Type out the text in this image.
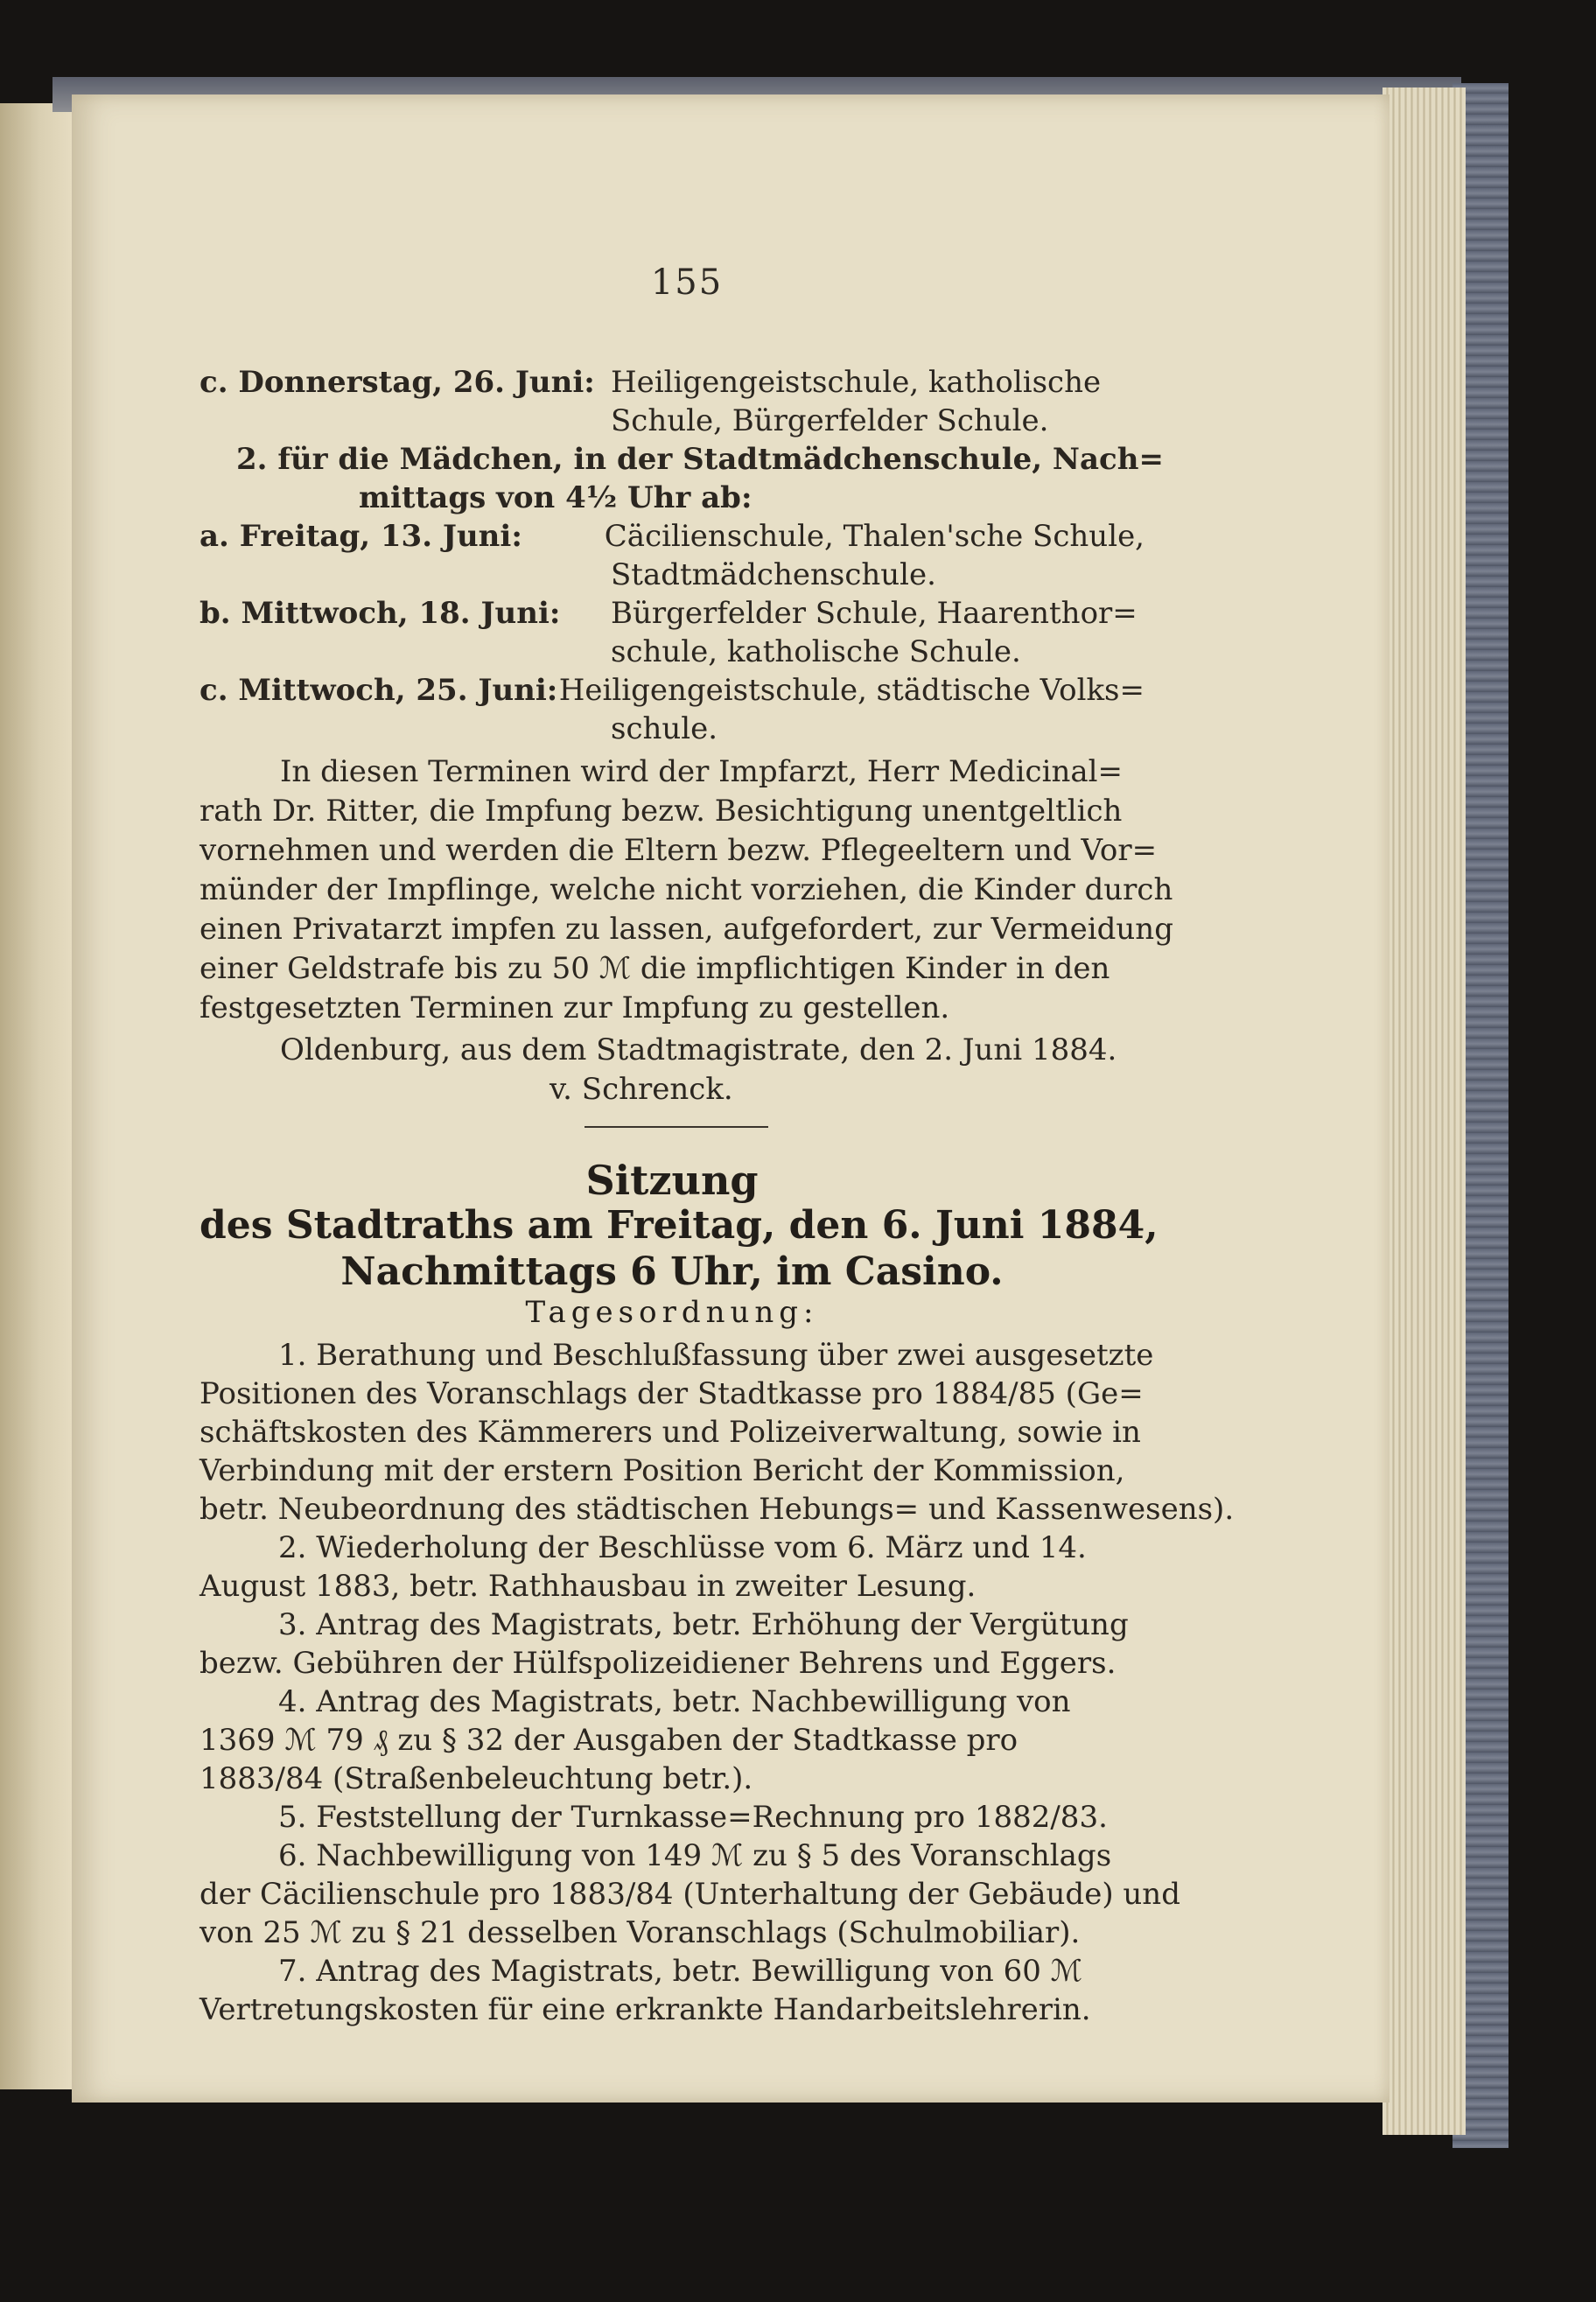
155
c. Donnerstag, 26. Juni: Heiligengeistschule, katholische
Schule, Bürgerfelder Schule.
2. für die Mädchen, in der Stadtmädchenschule, Nach=
mittags von 4½ Uhr ab:
a. Freitag, 13. Juni:	Cäcilienschule, Thalen'sche Schule,
Stadtmädchenschule.
b. Mittwoch, 18. Juni:	Bürgerfelder Schule, Haarenthor=
schule, katholische Schule.
c. Mittwoch, 25. Juni: Heiligengeistschule, städtische Volks=
schule.
In diesen Terminen wird der Impfarzt, Herr Medicinal=
rath Dr. Ritter, die Impfung bezw. Besichtigung unentgeltlich
vornehmen und werden die Eltern bezw. Pflegeeltern und Vor=
münder der Impflinge, welche nicht vorziehen, die Kinder durch
einen Privatarzt impfen zu lassen, aufgefordert, zur Vermeidung
einer Geldstrafe bis zu 50 ℳ die impflichtigen Kinder in den
festgesetzten Terminen zur Impfung zu gestellen.
Oldenburg, aus dem Stadtmagistrate, den 2. Juni 1884.
v. Schrenck.
Sitzung
des Stadtraths am Freitag, den 6. Juni 1884,
Nachmittags 6 Uhr, im Casino.
Tagesordnung:
1. Berathung und Beschlußfassung über zwei ausgesetzte
Positionen des Voranschlags der Stadtkasse pro 1884/85 (Ge=
schäftskosten des Kämmerers und Polizeiverwaltung, sowie in
Verbindung mit der erstern Position Bericht der Kommission,
betr. Neubeordnung des städtischen Hebungs= und Kassenwesens).
2. Wiederholung der Beschlüsse vom 6. März und 14.
August 1883, betr. Rathhausbau in zweiter Lesung.
3. Antrag des Magistrats, betr. Erhöhung der Vergütung
bezw. Gebühren der Hülfspolizeidiener Behrens und Eggers.
4. Antrag des Magistrats, betr. Nachbewilligung von
1369 ℳ 79 ₰ zu § 32 der Ausgaben der Stadtkasse pro
1883/84 (Straßenbeleuchtung betr.).
5. Feststellung der Turnkasse=Rechnung pro 1882/83.
6. Nachbewilligung von 149 ℳ zu § 5 des Voranschlags
der Cäcilienschule pro 1883/84 (Unterhaltung der Gebäude) und
von 25 ℳ zu § 21 desselben Voranschlags (Schulmobiliar).
7. Antrag des Magistrats, betr. Bewilligung von 60 ℳ
Vertretungskosten für eine erkrankte Handarbeitslehrerin.
